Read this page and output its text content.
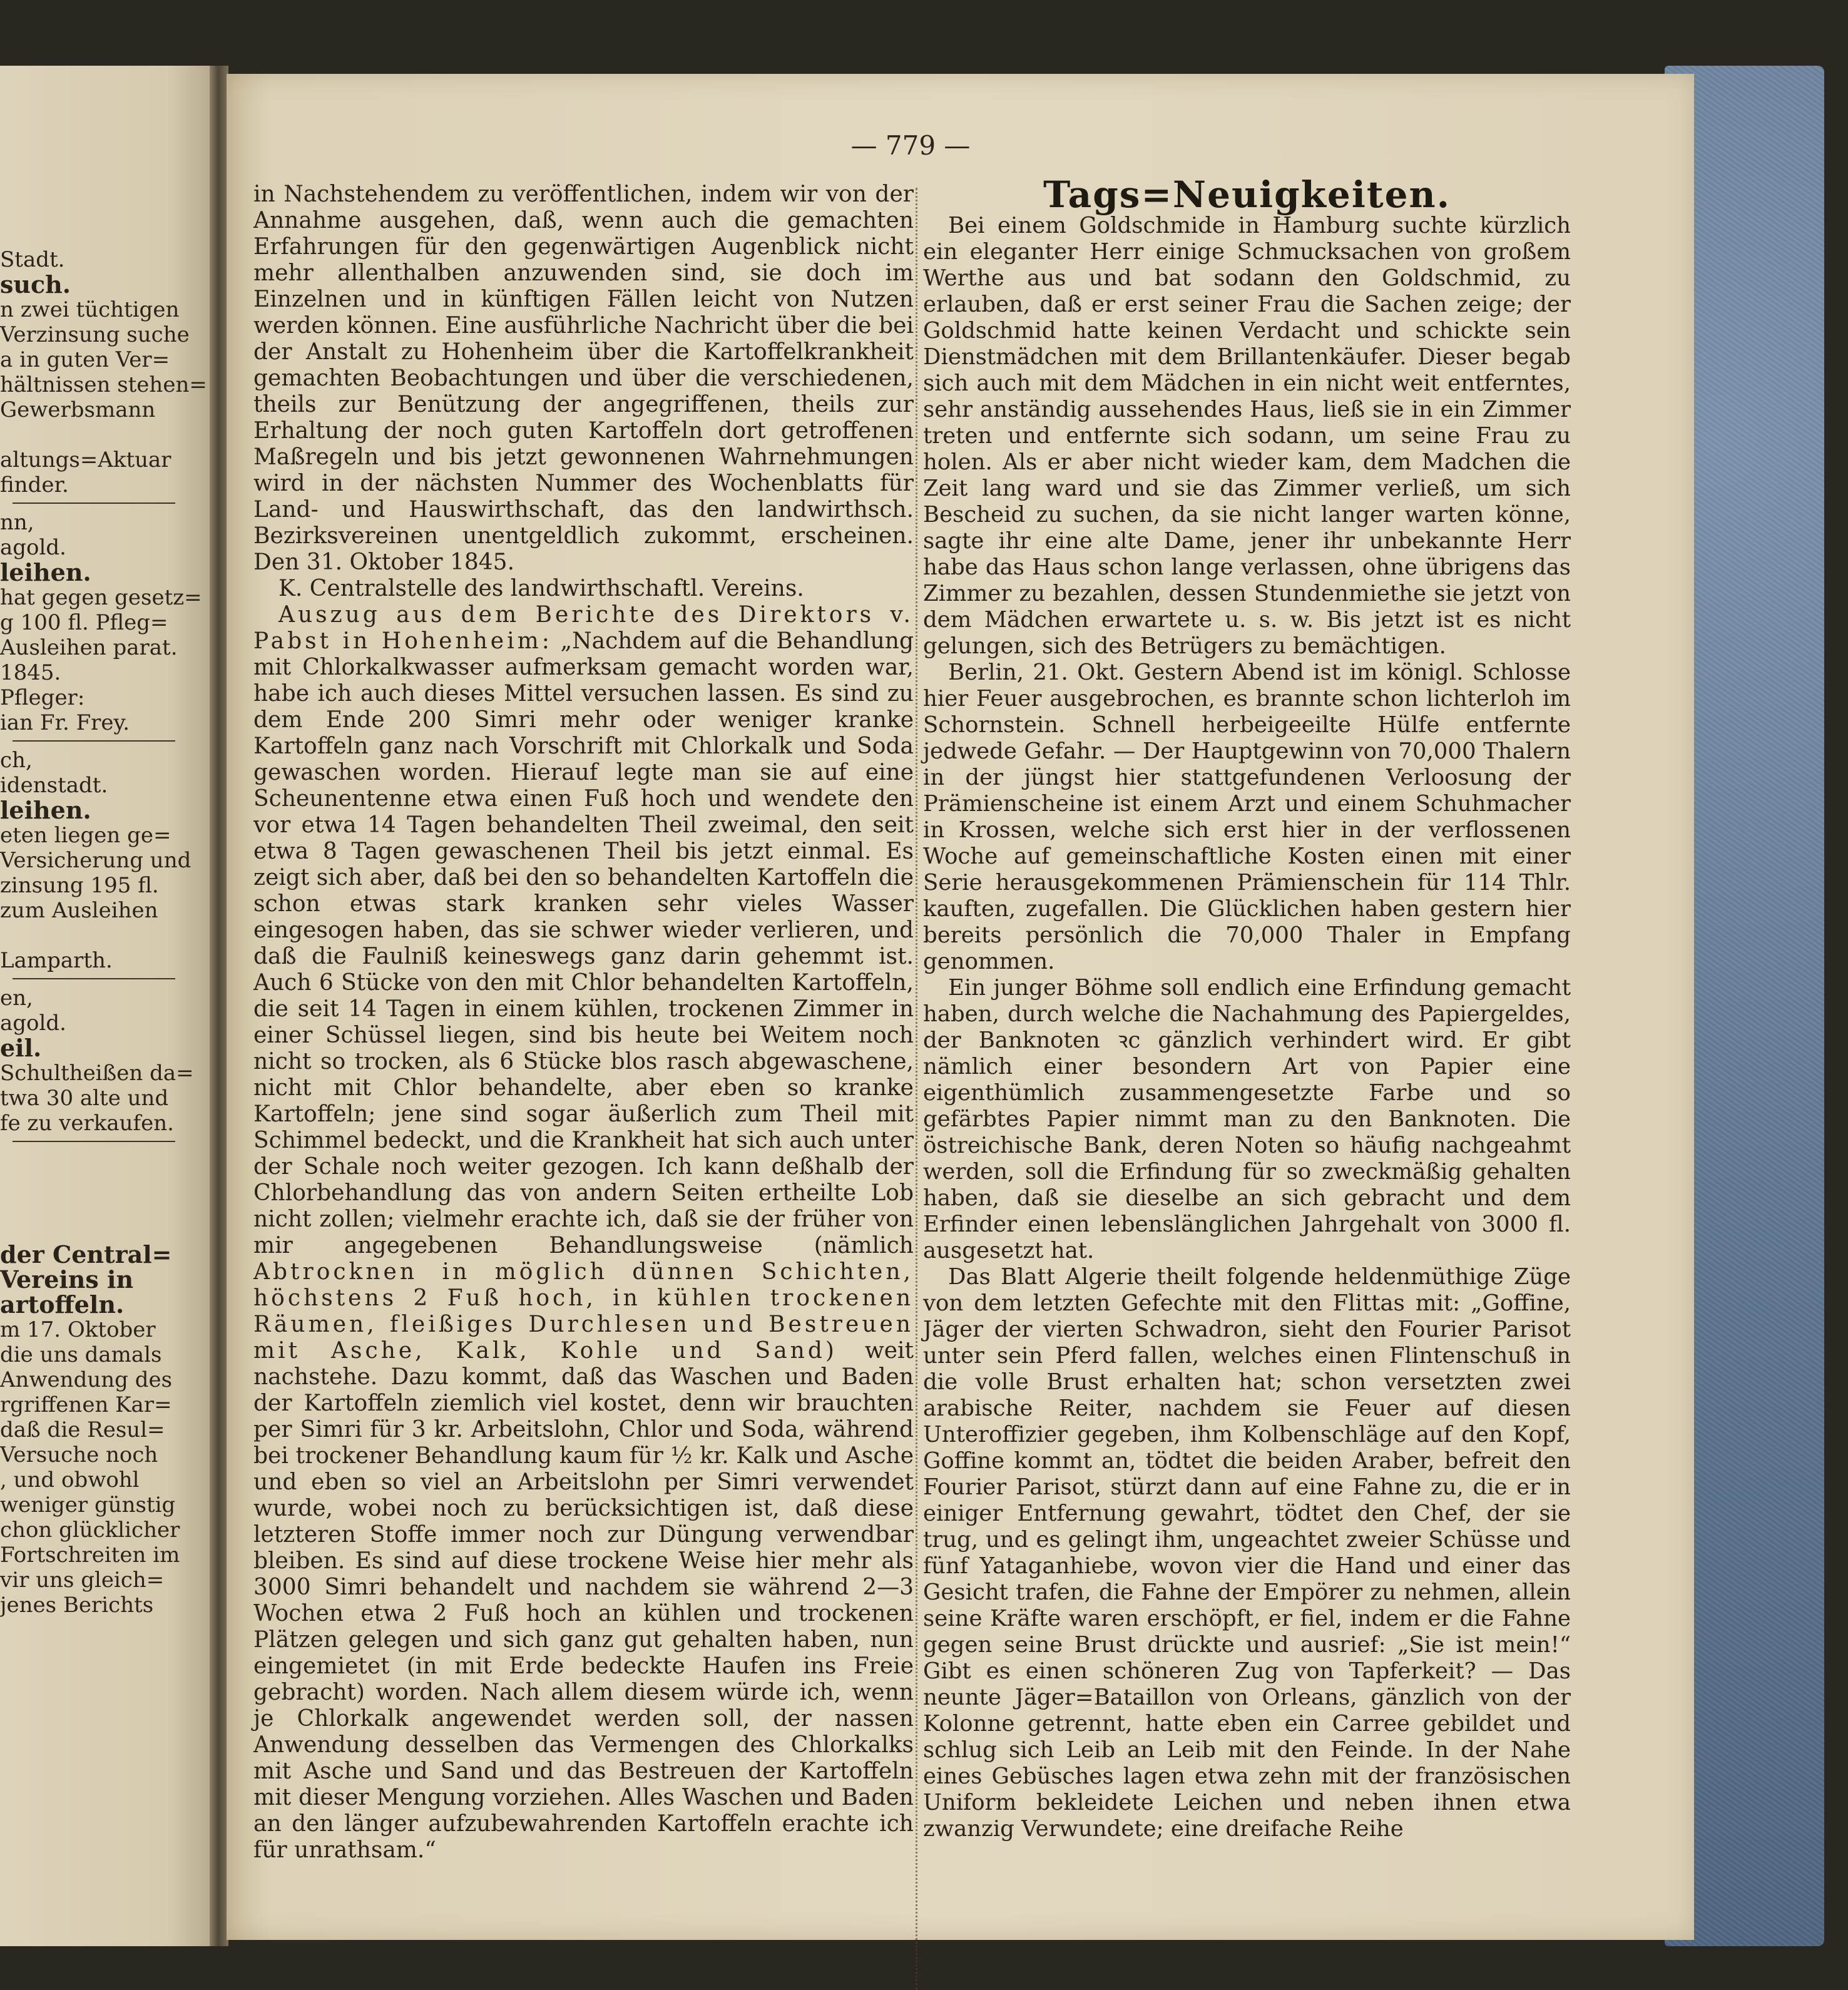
Stadt.
such.
n zwei tüchtigen
Verzinsung suche
a in guten Ver=
hältnissen stehen=
Gewerbsmann
altungs=Aktuar
finder.
nn,
agold.
leihen.
hat gegen gesetz=
g 100 fl. Pfleg=
Ausleihen parat.
1845.
Pfleger:
ian Fr. Frey.
ch,
idenstadt.
leihen.
eten liegen ge=
Versicherung und
zinsung 195 fl.
zum Ausleihen
Lamparth.
en,
agold.
eil.
Schultheißen da=
twa 30 alte und
fe zu verkaufen.
der Central=
Vereins in
artoffeln.
m 17. Oktober
die uns damals
Anwendung des
rgriffenen Kar=
daß die Resul=
Versuche noch
, und obwohl
weniger günstig
chon glücklicher
Fortschreiten im
vir uns gleich=
jenes Berichts
— 779 —

in Nachstehendem zu veröffentlichen, indem wir von der Annahme ausgehen, daß, wenn auch die gemachten Erfahrungen für den gegenwärtigen Augenblick nicht mehr allenthalben anzuwenden sind, sie doch im Einzelnen und in künftigen Fällen leicht von Nutzen werden können. Eine ausführliche Nachricht über die bei der Anstalt zu Hohenheim über die Kartoffelkrankheit gemachten Beobachtungen und über die verschiedenen, theils zur Benützung der angegriffenen, theils zur Erhaltung der noch guten Kartoffeln dort getroffenen Maßregeln und bis jetzt gewonnenen Wahrnehmungen wird in der nächsten Nummer des Wochenblatts für Land- und Hauswirthschaft, das den landwirthsch. Bezirksvereinen unentgeldlich zukommt, erscheinen. Den 31. Oktober 1845.

K. Centralstelle des landwirthschaftl. Vereins.

Auszug aus dem Berichte des Direktors v. Pabst in Hohenheim: „Nachdem auf die Behandlung mit Chlorkalkwasser aufmerksam gemacht worden war, habe ich auch dieses Mittel versuchen lassen. Es sind zu dem Ende 200 Simri mehr oder weniger kranke Kartoffeln ganz nach Vorschrift mit Chlorkalk und Soda gewaschen worden. Hierauf legte man sie auf eine Scheunentenne etwa einen Fuß hoch und wendete den vor etwa 14 Tagen behandelten Theil zweimal, den seit etwa 8 Tagen gewaschenen Theil bis jetzt einmal. Es zeigt sich aber, daß bei den so behandelten Kartoffeln die schon etwas stark kranken sehr vieles Wasser eingesogen haben, das sie schwer wieder verlieren, und daß die Faulniß keineswegs ganz darin gehemmt ist. Auch 6 Stücke von den mit Chlor behandelten Kartoffeln, die seit 14 Tagen in einem kühlen, trockenen Zimmer in einer Schüssel liegen, sind bis heute bei Weitem noch nicht so trocken, als 6 Stücke blos rasch abgewaschene, nicht mit Chlor behandelte, aber eben so kranke Kartoffeln; jene sind sogar äußerlich zum Theil mit Schimmel bedeckt, und die Krankheit hat sich auch unter der Schale noch weiter gezogen. Ich kann deßhalb der Chlorbehandlung das von andern Seiten ertheilte Lob nicht zollen; vielmehr erachte ich, daß sie der früher von mir angegebenen Behandlungsweise (nämlich Abtrocknen in möglich dünnen Schichten, höchstens 2 Fuß hoch, in kühlen trockenen Räumen, fleißiges Durchlesen und Bestreuen mit Asche, Kalk, Kohle und Sand) weit nachstehe. Dazu kommt, daß das Waschen und Baden der Kartoffeln ziemlich viel kostet, denn wir brauchten per Simri für 3 kr. Arbeitslohn, Chlor und Soda, während bei trockener Behandlung kaum für ½ kr. Kalk und Asche und eben so viel an Arbeitslohn per Simri verwendet wurde, wobei noch zu berücksichtigen ist, daß diese letzteren Stoffe immer noch zur Düngung verwendbar bleiben. Es sind auf diese trockene Weise hier mehr als 3000 Simri behandelt und nachdem sie während 2—3 Wochen etwa 2 Fuß hoch an kühlen und trockenen Plätzen gelegen und sich ganz gut gehalten haben, nun eingemietet (in mit Erde bedeckte Haufen ins Freie gebracht) worden. Nach allem diesem würde ich, wenn je Chlorkalk angewendet werden soll, der nassen Anwendung desselben das Vermengen des Chlorkalks mit Asche und Sand und das Bestreuen der Kartoffeln mit dieser Mengung vorziehen. Alles Waschen und Baden an den länger aufzubewahrenden Kartoffeln erachte ich für unrathsam.“

Tags=Neuigkeiten.

Bei einem Goldschmide in Hamburg suchte kürzlich ein eleganter Herr einige Schmucksachen von großem Werthe aus und bat sodann den Goldschmid, zu erlauben, daß er erst seiner Frau die Sachen zeige; der Goldschmid hatte keinen Verdacht und schickte sein Dienstmädchen mit dem Brillantenkäufer. Dieser begab sich auch mit dem Mädchen in ein nicht weit entferntes, sehr anständig aussehendes Haus, ließ sie in ein Zimmer treten und entfernte sich sodann, um seine Frau zu holen. Als er aber nicht wieder kam, dem Madchen die Zeit lang ward und sie das Zimmer verließ, um sich Bescheid zu suchen, da sie nicht langer warten könne, sagte ihr eine alte Dame, jener ihr unbekannte Herr habe das Haus schon lange verlassen, ohne übrigens das Zimmer zu bezahlen, dessen Stundenmiethe sie jetzt von dem Mädchen erwartete u. s. w. Bis jetzt ist es nicht gelungen, sich des Betrügers zu bemächtigen.

Berlin, 21. Okt. Gestern Abend ist im königl. Schlosse hier Feuer ausgebrochen, es brannte schon lichterloh im Schornstein. Schnell herbeigeeilte Hülfe entfernte jedwede Gefahr. — Der Hauptgewinn von 70,000 Thalern in der jüngst hier stattgefundenen Verloosung der Prämienscheine ist einem Arzt und einem Schuhmacher in Krossen, welche sich erst hier in der verflossenen Woche auf gemeinschaftliche Kosten einen mit einer Serie herausgekommenen Prämienschein für 114 Thlr. kauften, zugefallen. Die Glücklichen haben gestern hier bereits persönlich die 70,000 Thaler in Empfang genommen.

Ein junger Böhme soll endlich eine Erfindung gemacht haben, durch welche die Nachahmung des Papiergeldes, der Banknoten ꝛc gänzlich verhindert wird. Er gibt nämlich einer besondern Art von Papier eine eigenthümlich zusammengesetzte Farbe und so gefärbtes Papier nimmt man zu den Banknoten. Die östreichische Bank, deren Noten so häufig nachgeahmt werden, soll die Erfindung für so zweckmäßig gehalten haben, daß sie dieselbe an sich gebracht und dem Erfinder einen lebenslänglichen Jahrgehalt von 3000 fl. ausgesetzt hat.

Das Blatt Algerie theilt folgende heldenmüthige Züge von dem letzten Gefechte mit den Flittas mit: „Goffine, Jäger der vierten Schwadron, sieht den Fourier Parisot unter sein Pferd fallen, welches einen Flintenschuß in die volle Brust erhalten hat; schon versetzten zwei arabische Reiter, nachdem sie Feuer auf diesen Unteroffizier gegeben, ihm Kolbenschläge auf den Kopf, Goffine kommt an, tödtet die beiden Araber, befreit den Fourier Parisot, stürzt dann auf eine Fahne zu, die er in einiger Entfernung gewahrt, tödtet den Chef, der sie trug, und es gelingt ihm, ungeachtet zweier Schüsse und fünf Yataganhiebe, wovon vier die Hand und einer das Gesicht trafen, die Fahne der Empörer zu nehmen, allein seine Kräfte waren erschöpft, er fiel, indem er die Fahne gegen seine Brust drückte und ausrief: „Sie ist mein!“ Gibt es einen schöneren Zug von Tapferkeit? — Das neunte Jäger=Bataillon von Orleans, gänzlich von der Kolonne getrennt, hatte eben ein Carree gebildet und schlug sich Leib an Leib mit den Feinde. In der Nahe eines Gebüsches lagen etwa zehn mit der französischen Uniform bekleidete Leichen und neben ihnen etwa zwanzig Verwundete; eine dreifache Reihe
